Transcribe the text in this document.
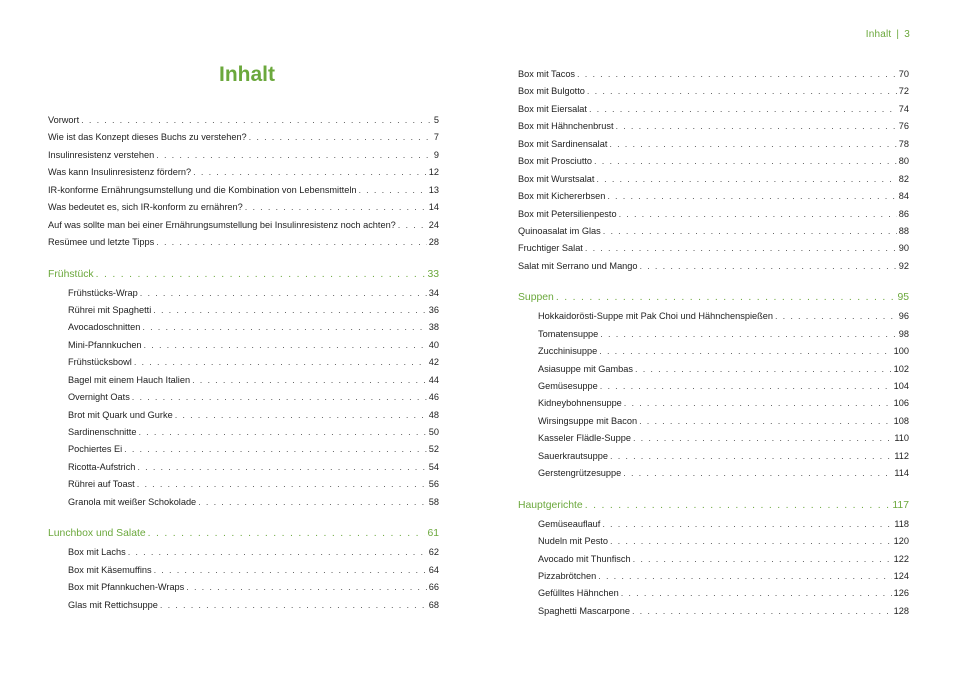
Inhalt | 3
Inhalt
Vorwort . . .	5
Wie ist das Konzept dieses Buchs zu verstehen? . . .	7
Insulinresistenz verstehen . . .	9
Was kann Insulinresistenz fördern? . . .	12
IR-konforme Ernährungsumstellung und die Kombination von Lebensmitteln . . .	13
Was bedeutet es, sich IR-konform zu ernähren? . . .	14
Auf was sollte man bei einer Ernährungsumstellung bei Insulinresistenz noch achten? . . .	24
Resümee und letzte Tipps . . .	28
Frühstück . . .	33
Frühstücks-Wrap . . .	34
Rührei mit Spaghetti . . .	36
Avocadoschnitten . . .	38
Mini-Pfannkuchen . . .	40
Frühstücksbowl . . .	42
Bagel mit einem Hauch Italien . . .	44
Overnight Oats . . .	46
Brot mit Quark und Gurke . . .	48
Sardinenschnitte . . .	50
Pochiertes Ei . . .	52
Ricotta-Aufstrich . . .	54
Rührei auf Toast . . .	56
Granola mit weißer Schokolade . . .	58
Lunchbox und Salate . . .	61
Box mit Lachs . . .	62
Box mit Käsemuffins . . .	64
Box mit Pfannkuchen-Wraps . . .	66
Glas mit Rettichsuppe . . .	68
Box mit Tacos . . .	70
Box mit Bulgotto . . .	72
Box mit Eiersalat . . .	74
Box mit Hähnchenbrust . . .	76
Box mit Sardinensalat . . .	78
Box mit Prosciutto . . .	80
Box mit Wurstsalat . . .	82
Box mit Kichererbsen . . .	84
Box mit Petersilienpesto . . .	86
Quinoasalat im Glas . . .	88
Fruchtiger Salat . . .	90
Salat mit Serrano und Mango . . .	92
Suppen . . .	95
Hokkaidorösti-Suppe mit Pak Choi und Hähnchenspießen . . .	96
Tomatensuppe . . .	98
Zucchinisuppe . . .	100
Asiasuppe mit Gambas . . .	102
Gemüsesuppe . . .	104
Kidneybohnensuppe . . .	106
Wirsingsuppe mit Bacon . . .	108
Kasseler Flädle-Suppe . . .	110
Sauerkrautsuppe . . .	112
Gerstengrützesuppe . . .	114
Hauptgerichte . . .	117
Gemüseauflauf . . .	118
Nudeln mit Pesto . . .	120
Avocado mit Thunfisch . . .	122
Pizzabrötchen . . .	124
Gefülltes Hähnchen . . .	126
Spaghetti Mascarpone . . .	128
